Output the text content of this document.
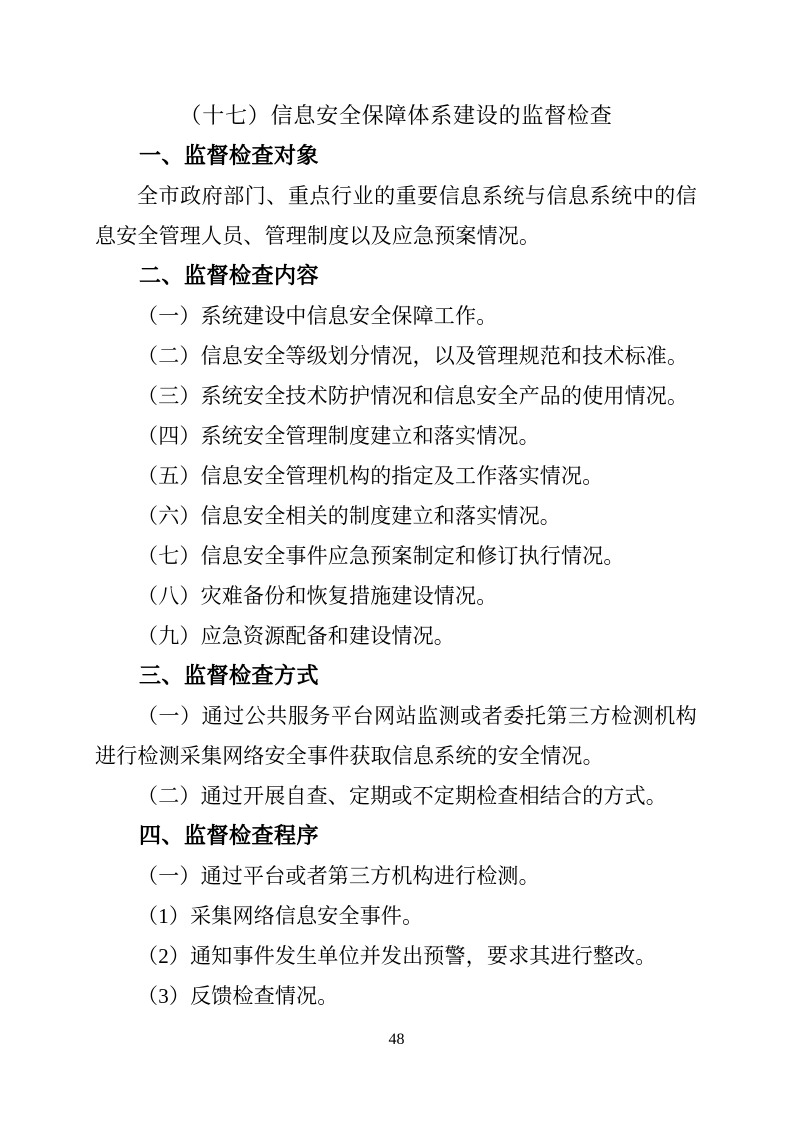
（十七）信息安全保障体系建设的监督检查
一、监督检查对象

全市政府部门、重点行业的重要信息系统与信息系统中的信息安全管理人员、管理制度以及应急预案情况。

二、监督检查内容

（一）系统建设中信息安全保障工作。

（二）信息安全等级划分情况，以及管理规范和技术标准。

（三）系统安全技术防护情况和信息安全产品的使用情况。

（四）系统安全管理制度建立和落实情况。

（五）信息安全管理机构的指定及工作落实情况。

（六）信息安全相关的制度建立和落实情况。

（七）信息安全事件应急预案制定和修订执行情况。

（八）灾难备份和恢复措施建设情况。

（九）应急资源配备和建设情况。

三、监督检查方式

（一）通过公共服务平台网站监测或者委托第三方检测机构进行检测采集网络安全事件获取信息系统的安全情况。

（二）通过开展自查、定期或不定期检查相结合的方式。

四、监督检查程序

（一）通过平台或者第三方机构进行检测。

（1）采集网络信息安全事件。

（2）通知事件发生单位并发出预警，要求其进行整改。

（3）反馈检查情况。

48
